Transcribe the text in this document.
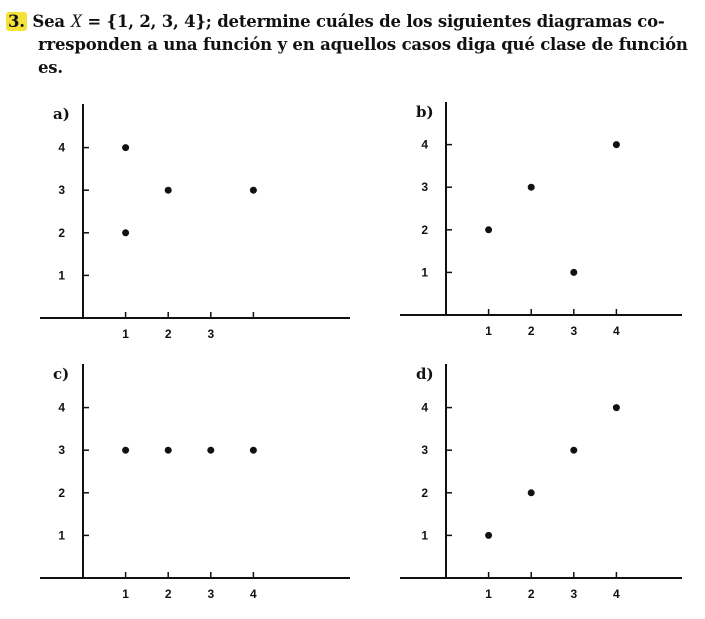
3. Sea X = {1, 2, 3, 4}; determine cuáles de los siguientes diagramas co-rresponden a una función y en aquellos casos diga qué clase de función es.
a)
1	2	3
1
2
3
4
b)
1	2	3	4
1
2
3
4
c)
1	2	3	4
1
2
3
4
d)
1	2	3	4
1
2
3
4
